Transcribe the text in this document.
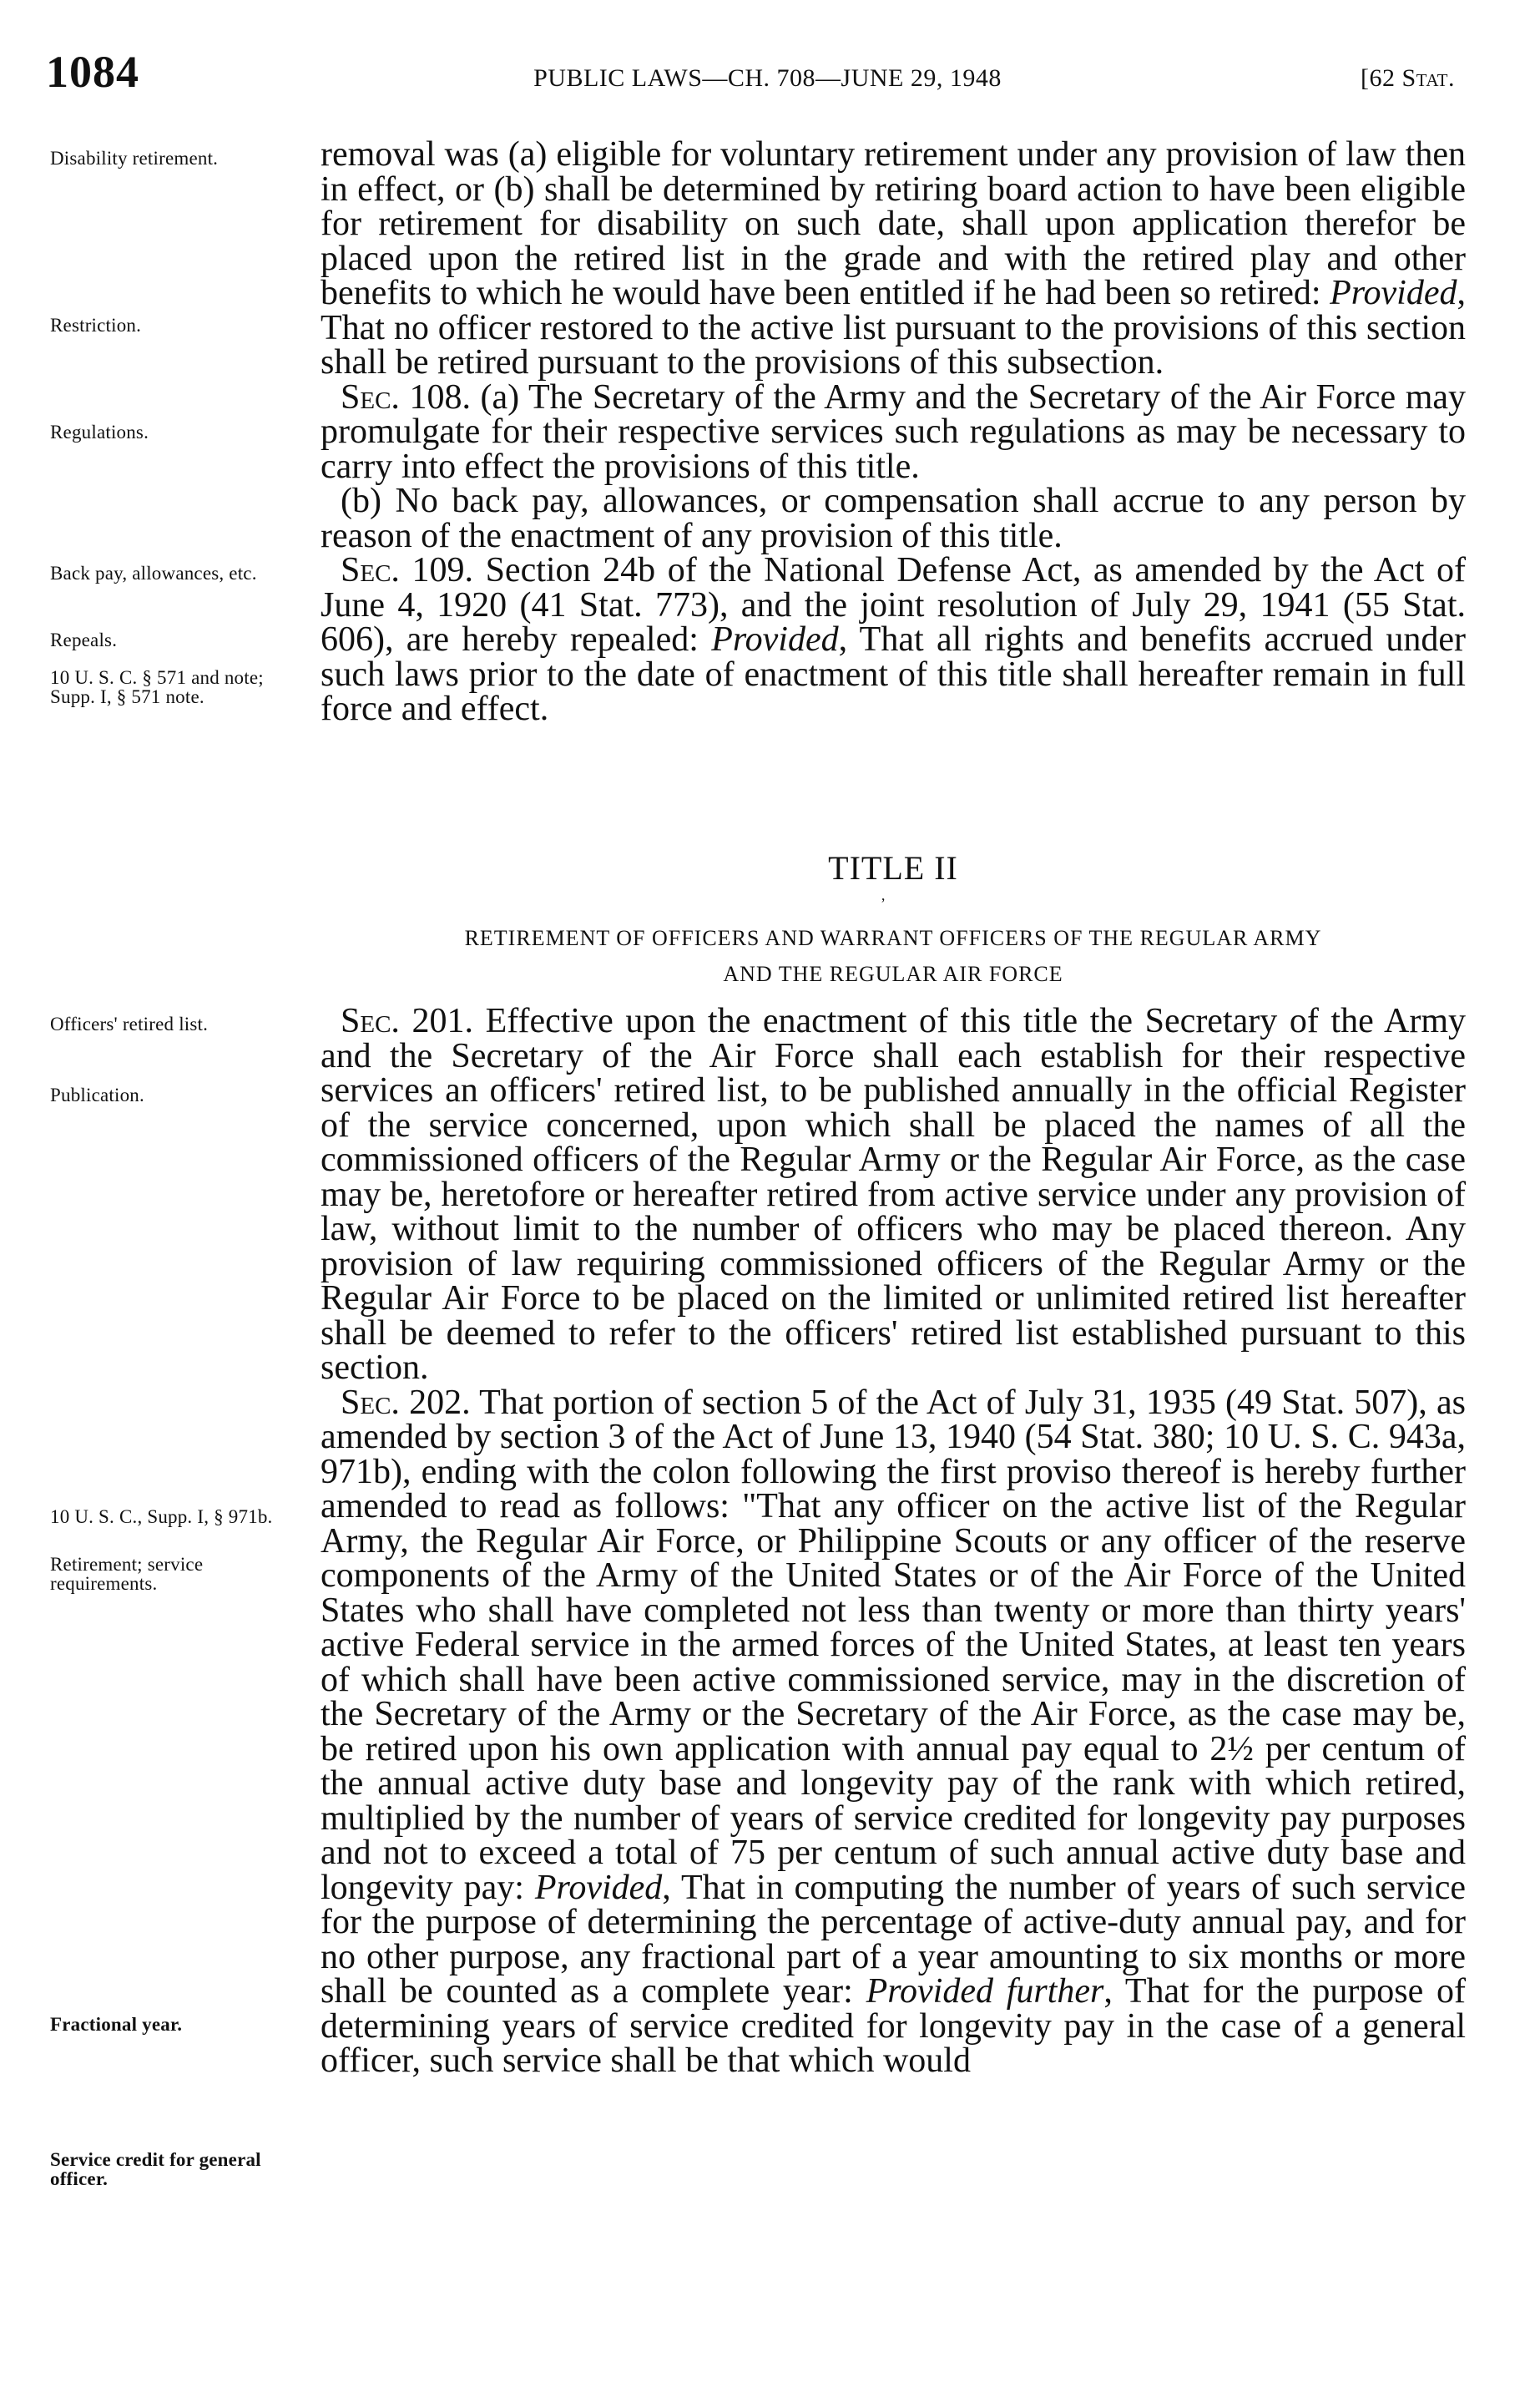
1084	PUBLIC LAWS—CH. 708—JUNE 29, 1948	[62 Stat.
Disability retirement.
Restriction.
Regulations.
Back pay, allowances, etc.
Repeals.
10 U. S. C. § 571 and note; Supp. I, § 571 note.
Officers' retired list.
Publication.
10 U. S. C., Supp. I, § 971b.
Retirement; service requirements.
Fractional year.
Service credit for general officer.

removal was (a) eligible for voluntary retirement under any provision of law then in effect, or (b) shall be determined by retiring board action to have been eligible for retirement for disability on such date, shall upon application therefor be placed upon the retired list in the grade and with the retired play and other benefits to which he would have been entitled if he had been so retired: Provided, That no officer restored to the active list pursuant to the provisions of this section shall be retired pursuant to the provisions of this subsection.

Sec. 108. (a) The Secretary of the Army and the Secretary of the Air Force may promulgate for their respective services such regulations as may be necessary to carry into effect the provisions of this title.

(b) No back pay, allowances, or compensation shall accrue to any person by reason of the enactment of any provision of this title.

Sec. 109. Section 24b of the National Defense Act, as amended by the Act of June 4, 1920 (41 Stat. 773), and the joint resolution of July 29, 1941 (55 Stat. 606), are hereby repealed: Provided, That all rights and benefits accrued under such laws prior to the date of enactment of this title shall hereafter remain in full force and effect.

TITLE II
ʼ
RETIREMENT OF OFFICERS AND WARRANT OFFICERS OF THE REGULAR ARMY
AND THE REGULAR AIR FORCE

Sec. 201. Effective upon the enactment of this title the Secretary of the Army and the Secretary of the Air Force shall each establish for their respective services an officers' retired list, to be published annually in the official Register of the service concerned, upon which shall be placed the names of all the commissioned officers of the Regular Army or the Regular Air Force, as the case may be, heretofore or hereafter retired from active service under any provision of law, without limit to the number of officers who may be placed thereon. Any provision of law requiring commissioned officers of the Regular Army or the Regular Air Force to be placed on the limited or unlimited retired list hereafter shall be deemed to refer to the officers' retired list established pursuant to this section.

Sec. 202. That portion of section 5 of the Act of July 31, 1935 (49 Stat. 507), as amended by section 3 of the Act of June 13, 1940 (54 Stat. 380; 10 U. S. C. 943a, 971b), ending with the colon following the first proviso thereof is hereby further amended to read as follows: "That any officer on the active list of the Regular Army, the Regular Air Force, or Philippine Scouts or any officer of the reserve components of the Army of the United States or of the Air Force of the United States who shall have completed not less than twenty or more than thirty years' active Federal service in the armed forces of the United States, at least ten years of which shall have been active commissioned service, may in the discretion of the Secretary of the Army or the Secretary of the Air Force, as the case may be, be retired upon his own application with annual pay equal to 2½ per centum of the annual active duty base and longevity pay of the rank with which retired, multiplied by the number of years of service credited for longevity pay purposes and not to exceed a total of 75 per centum of such annual active duty base and longevity pay: Provided, That in computing the number of years of such service for the purpose of determining the percentage of active-duty annual pay, and for no other purpose, any fractional part of a year amounting to six months or more shall be counted as a complete year: Provided further, That for the purpose of determining years of service credited for longevity pay in the case of a general officer, such service shall be that which would
